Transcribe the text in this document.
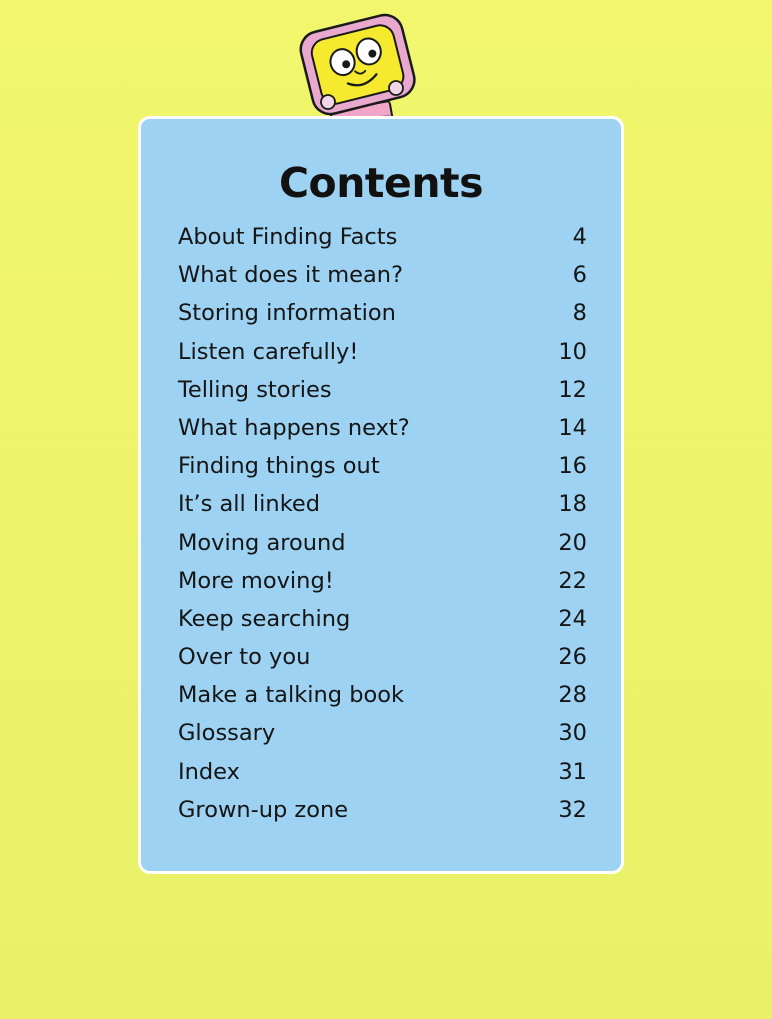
Contents
About Finding Facts	4
What does it mean?	6
Storing information	8
Listen carefully!	10
Telling stories	12
What happens next?	14
Finding things out	16
It’s all linked	18
Moving around	20
More moving!	22
Keep searching	24
Over to you	26
Make a talking book	28
Glossary	30
Index	31
Grown-up zone	32
